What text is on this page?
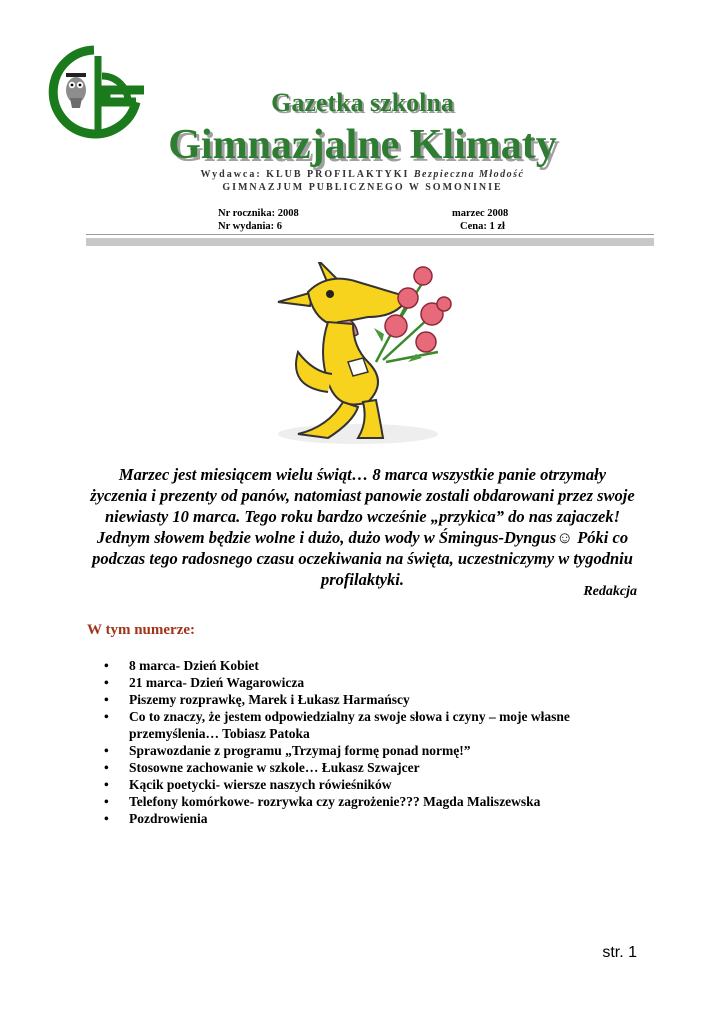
Gazetka szkolna
Gimnazjalne Klimaty
Wydawca: KLUB PROFILAKTYKI Bezpieczna Młodość
GIMNAZJUM PUBLICZNEGO W SOMONINIE
Nr rocznika: 2008
Nr wydania: 6
marzec 2008
Cena: 1 zł
Marzec jest miesiącem wielu świąt… 8 marca wszystkie panie otrzymały życzenia i prezenty od panów, natomiast panowie zostali obdarowani przez swoje niewiasty 10 marca. Tego roku bardzo wcześnie „przykica” do nas zajaczek! Jednym słowem będzie wolne i dużo, dużo wody w Śmingus-Dyngus☺ Póki co podczas tego radosnego czasu oczekiwania na święta, uczestniczymy w tygodniu profilaktyki.
Redakcja
W tym numerze:
• 8 marca- Dzień Kobiet
• 21 marca- Dzień Wagarowicza
• Piszemy rozprawkę, Marek i Łukasz Harmańscy
• Co to znaczy, że jestem odpowiedzialny za swoje słowa i czyny – moje własne przemyślenia… Tobiasz Patoka
• Sprawozdanie z programu „Trzymaj formę ponad normę!”
• Stosowne zachowanie w szkole… Łukasz Szwajcer
• Kącik poetycki- wiersze naszych rówieśników
• Telefony komórkowe- rozrywka czy zagrożenie??? Magda Maliszewska
• Pozdrowienia
str. 1
